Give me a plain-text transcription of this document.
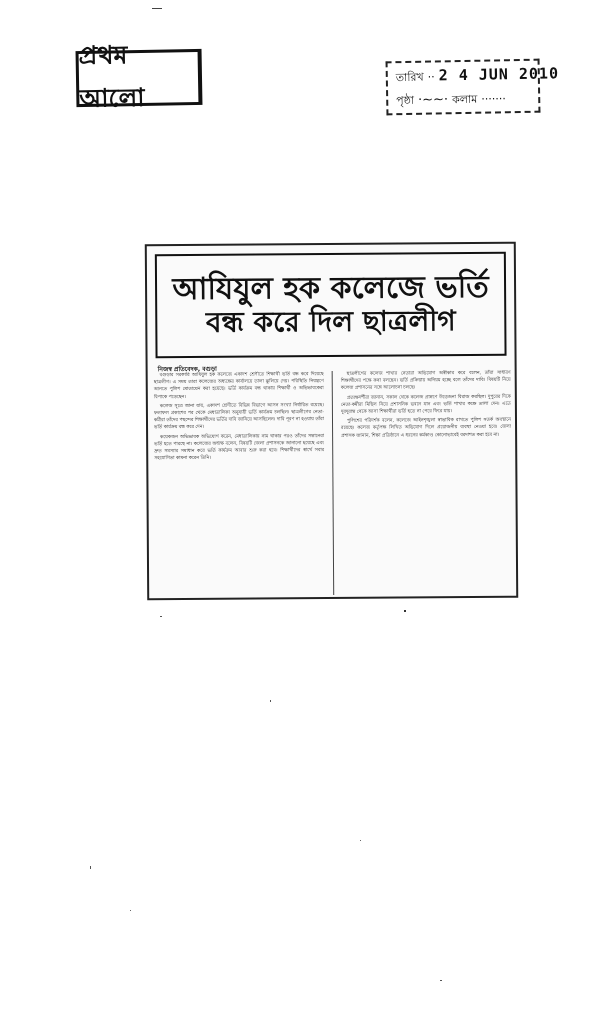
প্রথম আলো
তারিখ ·· 2 4 JUN 2010
পৃষ্ঠা ·~~· কলাম ·······
আযিযুল হক কলেজে ভর্তি
বন্ধ করে দিল ছাত্রলীগ
নিজস্ব প্রতিবেদক, বগুড়া

বগুড়ার সরকারি আযিযুল হক কলেজে একাদশ শ্রেণীতে শিক্ষার্থী ভর্তি বন্ধ করে দিয়েছে ছাত্রলীগ। এ সময় তারা কলেজের অধ্যক্ষের কার্যালয়ে তালা ঝুলিয়ে দেয়। পরিস্থিতি নিয়ন্ত্রণে আনতে পুলিশ মোতায়েন করা হয়েছে। ভর্তি কার্যক্রম বন্ধ থাকায় শিক্ষার্থী ও অভিভাবকেরা বিপাকে পড়েছেন।

কলেজ সূত্রে জানা যায়, একাদশ শ্রেণীতে বিভিন্ন বিভাগে আসন সংখ্যা নির্ধারিত রয়েছে। ফলাফল প্রকাশের পর থেকে মেধাতালিকা অনুযায়ী ভর্তি কার্যক্রম চলছিল। ছাত্রলীগের নেতা-কর্মীরা তাঁদের পছন্দের শিক্ষার্থীদের ভর্তির দাবি জানিয়ে আসছিলেন। দাবি পূরণ না হওয়ায় তাঁরা ভর্তি কার্যক্রম বন্ধ করে দেন।

কয়েকজন অভিভাবক অভিযোগ করেন, মেধাতালিকায় নাম থাকার পরও তাঁদের সন্তানেরা ভর্তি হতে পারছে না। কলেজের অধ্যক্ষ বলেন, বিষয়টি জেলা প্রশাসনকে জানানো হয়েছে এবং দ্রুত সমস্যার সমাধান করে ভর্তি কার্যক্রম আবার শুরু করা হবে। শিক্ষার্থীদের স্বার্থে সবার সহযোগিতা কামনা করেন তিনি।

ছাত্রলীগের কলেজ শাখার নেতারা অভিযোগ অস্বীকার করে বলেন, তাঁরা সাধারণ শিক্ষার্থীদের পক্ষে কথা বলছেন। ভর্তি প্রক্রিয়ায় অনিয়ম হচ্ছে বলে তাঁদের দাবি। বিষয়টি নিয়ে কলেজ প্রশাসনের সঙ্গে আলোচনা চলছে।

প্রত্যক্ষদর্শীরা জানান, সকাল থেকে কলেজ প্রাঙ্গণে উত্তেজনা বিরাজ করছিল। দুপুরের দিকে নেতা-কর্মীরা মিছিল নিয়ে প্রশাসনিক ভবনে যান এবং ভর্তি শাখার কক্ষে তালা দেন। এতে দূরদূরান্ত থেকে আসা শিক্ষার্থীরা ভর্তি হতে না পেরে ফিরে যায়।

পুলিশের পরিদর্শক বলেন, কলেজে আইনশৃঙ্খলা স্বাভাবিক রাখতে পুলিশ সতর্ক অবস্থানে রয়েছে। কলেজ কর্তৃপক্ষ লিখিত অভিযোগ দিলে প্রয়োজনীয় ব্যবস্থা নেওয়া হবে। জেলা প্রশাসক জানান, শিক্ষা প্রতিষ্ঠানে এ ধরনের কর্মকাণ্ড কোনোভাবেই বরদাশত করা হবে না।
